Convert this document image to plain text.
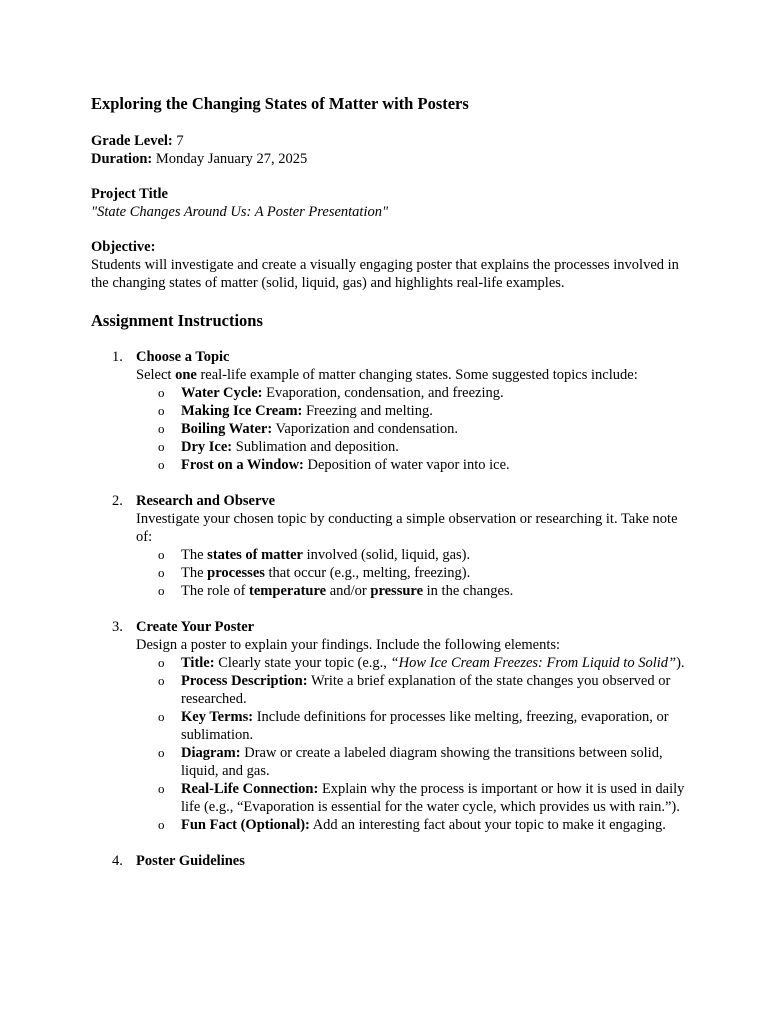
Exploring the Changing States of Matter with Posters
Grade Level: 7
Duration: Monday January 27, 2025
Project Title
"State Changes Around Us: A Poster Presentation"
Objective:
Students will investigate and create a visually engaging poster that explains the processes involved in the changing states of matter (solid, liquid, gas) and highlights real-life examples.
Assignment Instructions
1. Choose a Topic
Select one real-life example of matter changing states. Some suggested topics include:
o Water Cycle: Evaporation, condensation, and freezing.
o Making Ice Cream: Freezing and melting.
o Boiling Water: Vaporization and condensation.
o Dry Ice: Sublimation and deposition.
o Frost on a Window: Deposition of water vapor into ice.
2. Research and Observe
Investigate your chosen topic by conducting a simple observation or researching it. Take note of:
o The states of matter involved (solid, liquid, gas).
o The processes that occur (e.g., melting, freezing).
o The role of temperature and/or pressure in the changes.
3. Create Your Poster
Design a poster to explain your findings. Include the following elements:
o Title: Clearly state your topic (e.g., “How Ice Cream Freezes: From Liquid to Solid”).
o Process Description: Write a brief explanation of the state changes you observed or researched.
o Key Terms: Include definitions for processes like melting, freezing, evaporation, or sublimation.
o Diagram: Draw or create a labeled diagram showing the transitions between solid, liquid, and gas.
o Real-Life Connection: Explain why the process is important or how it is used in daily life (e.g., “Evaporation is essential for the water cycle, which provides us with rain.”).
o Fun Fact (Optional): Add an interesting fact about your topic to make it engaging.
4. Poster Guidelines
